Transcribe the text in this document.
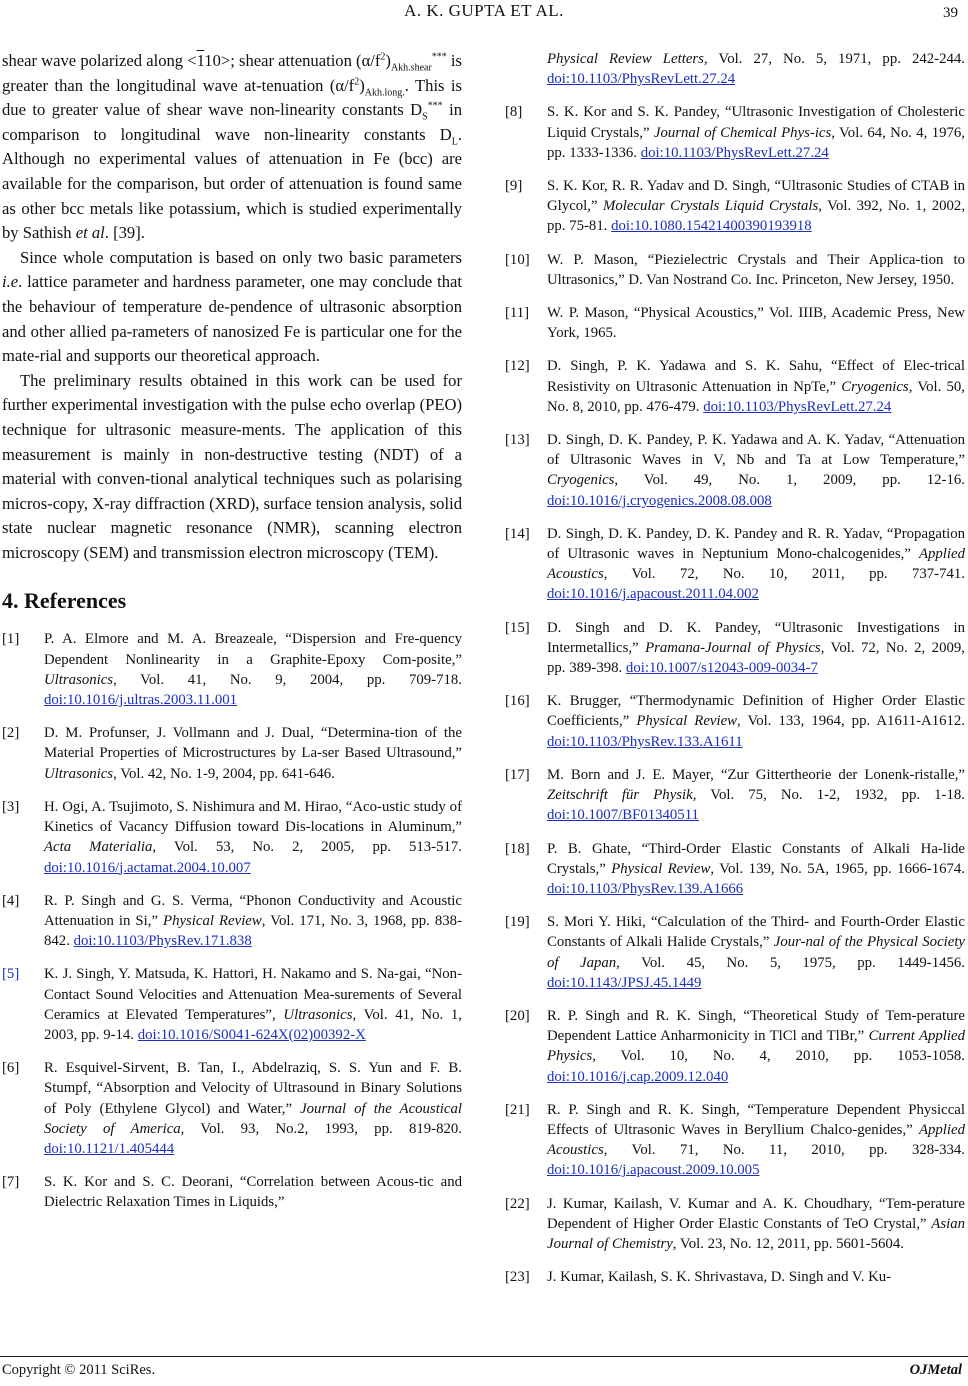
A. K. GUPTA ET AL.	39

shear wave polarized along <110>; shear attenuation $(\alpha/f^2)_{Akh.shear}^{***}$ is greater than the longitudinal wave at-tenuation $(\alpha/f^2)_{Akh.long.}$. This is due to greater value of shear wave non-linearity constants $D_S^{***}$ in comparison to longitudinal wave non-linearity constants $D_L$. Although no experimental values of attenuation in Fe (bcc) are available for the comparison, but order of attenuation is found same as other bcc metals like potassium, which is studied experimentally by Sathish et al. [39].

Since whole computation is based on only two basic parameters i.e. lattice parameter and hardness parameter, one may conclude that the behaviour of temperature de-pendence of ultrasonic absorption and other allied pa-rameters of nanosized Fe is particular one for the mate-rial and supports our theoretical approach.

The preliminary results obtained in this work can be used for further experimental investigation with the pulse echo overlap (PEO) technique for ultrasonic measure-ments. The application of this measurement is mainly in non-destructive testing (NDT) of a material with conven-tional analytical techniques such as polarising micros-copy, X-ray diffraction (XRD), surface tension analysis, solid state nuclear magnetic resonance (NMR), scanning electron microscopy (SEM) and transmission electron microscopy (TEM).

4. References
[1]	P. A. Elmore and M. A. Breazeale, “Dispersion and Fre-quency Dependent Nonlinearity in a Graphite-Epoxy Com-posite,” Ultrasonics, Vol. 41, No. 9, 2004, pp. 709-718. doi:10.1016/j.ultras.2003.11.001
[2]	D. M. Profunser, J. Vollmann and J. Dual, “Determina-tion of the Material Properties of Microstructures by La-ser Based Ultrasound,” Ultrasonics, Vol. 42, No. 1-9, 2004, pp. 641-646.
[3]	H. Ogi, A. Tsujimoto, S. Nishimura and M. Hirao, “Aco-ustic study of Kinetics of Vacancy Diffusion toward Dis-locations in Aluminum,” Acta Materialia, Vol. 53, No. 2, 2005, pp. 513-517. doi:10.1016/j.actamat.2004.10.007
[4]	R. P. Singh and G. S. Verma, “Phonon Conductivity and Acoustic Attenuation in Si,” Physical Review, Vol. 171, No. 3, 1968, pp. 838-842. doi:10.1103/PhysRev.171.838
[5]	K. J. Singh, Y. Matsuda, K. Hattori, H. Nakamo and S. Na-gai, “Non-Contact Sound Velocities and Attenuation Mea-surements of Several Ceramics at Elevated Temperatures”, Ultrasonics, Vol. 41, No. 1, 2003, pp. 9-14. doi:10.1016/S0041-624X(02)00392-X
[6]	R. Esquivel-Sirvent, B. Tan, I., Abdelraziq, S. S. Yun and F. B. Stumpf, “Absorption and Velocity of Ultrasound in Binary Solutions of Poly (Ethylene Glycol) and Water,” Journal of the Acoustical Society of America, Vol. 93, No.2, 1993, pp. 819-820. doi:10.1121/1.405444
[7]	S. K. Kor and S. C. Deorani, “Correlation between Acous-tic and Dielectric Relaxation Times in Liquids,”
Physical Review Letters, Vol. 27, No. 5, 1971, pp. 242-244. doi:10.1103/PhysRevLett.27.24
[8]	S. K. Kor and S. K. Pandey, “Ultrasonic Investigation of Cholesteric Liquid Crystals,” Journal of Chemical Phys-ics, Vol. 64, No. 4, 1976, pp. 1333-1336. doi:10.1103/PhysRevLett.27.24
[9]	S. K. Kor, R. R. Yadav and D. Singh, “Ultrasonic Studies of CTAB in Glycol,” Molecular Crystals Liquid Crystals, Vol. 392, No. 1, 2002, pp. 75-81. doi:10.1080.15421400390193918
[10]	W. P. Mason, “Piezielectric Crystals and Their Applica-tion to Ultrasonics,” D. Van Nostrand Co. Inc. Princeton, New Jersey, 1950.
[11]	W. P. Mason, “Physical Acoustics,” Vol. IIIB, Academic Press, New York, 1965.
[12]	D. Singh, P. K. Yadawa and S. K. Sahu, “Effect of Elec-trical Resistivity on Ultrasonic Attenuation in NpTe,” Cryogenics, Vol. 50, No. 8, 2010, pp. 476-479. doi:10.1103/PhysRevLett.27.24
[13]	D. Singh, D. K. Pandey, P. K. Yadawa and A. K. Yadav, “Attenuation of Ultrasonic Waves in V, Nb and Ta at Low Temperature,” Cryogenics, Vol. 49, No. 1, 2009, pp. 12-16. doi:10.1016/j.cryogenics.2008.08.008
[14]	D. Singh, D. K. Pandey, D. K. Pandey and R. R. Yadav, “Propagation of Ultrasonic waves in Neptunium Mono-chalcogenides,” Applied Acoustics, Vol. 72, No. 10, 2011, pp. 737-741. doi:10.1016/j.apacoust.2011.04.002
[15]	D. Singh and D. K. Pandey, “Ultrasonic Investigations in Intermetallics,” Pramana-Journal of Physics, Vol. 72, No. 2, 2009, pp. 389-398. doi:10.1007/s12043-009-0034-7
[16]	K. Brugger, “Thermodynamic Definition of Higher Order Elastic Coefficients,” Physical Review, Vol. 133, 1964, pp. A1611-A1612. doi:10.1103/PhysRev.133.A1611
[17]	M. Born and J. E. Mayer, “Zur Gittertheorie der Lonenk-ristalle,” Zeitschrift für Physik, Vol. 75, No. 1-2, 1932, pp. 1-18. doi:10.1007/BF01340511
[18]	P. B. Ghate, “Third-Order Elastic Constants of Alkali Ha-lide Crystals,” Physical Review, Vol. 139, No. 5A, 1965, pp. 1666-1674. doi:10.1103/PhysRev.139.A1666
[19]	S. Mori Y. Hiki, “Calculation of the Third- and Fourth-Order Elastic Constants of Alkali Halide Crystals,” Jour-nal of the Physical Society of Japan, Vol. 45, No. 5, 1975, pp. 1449-1456. doi:10.1143/JPSJ.45.1449
[20]	R. P. Singh and R. K. Singh, “Theoretical Study of Tem-perature Dependent Lattice Anharmonicity in TlCl and TlBr,” Current Applied Physics, Vol. 10, No. 4, 2010, pp. 1053-1058. doi:10.1016/j.cap.2009.12.040
[21]	R. P. Singh and R. K. Singh, “Temperature Dependent Physiccal Effects of Ultrasonic Waves in Beryllium Chalco-genides,” Applied Acoustics, Vol. 71, No. 11, 2010, pp. 328-334. doi:10.1016/j.apacoust.2009.10.005
[22]	J. Kumar, Kailash, V. Kumar and A. K. Choudhary, “Tem-perature Dependent of Higher Order Elastic Constants of TeO Crystal,” Asian Journal of Chemistry, Vol. 23, No. 12, 2011, pp. 5601-5604.
[23]	J. Kumar, Kailash, S. K. Shrivastava, D. Singh and V. Ku-
Copyright © 2011 SciRes.	OJMetal
